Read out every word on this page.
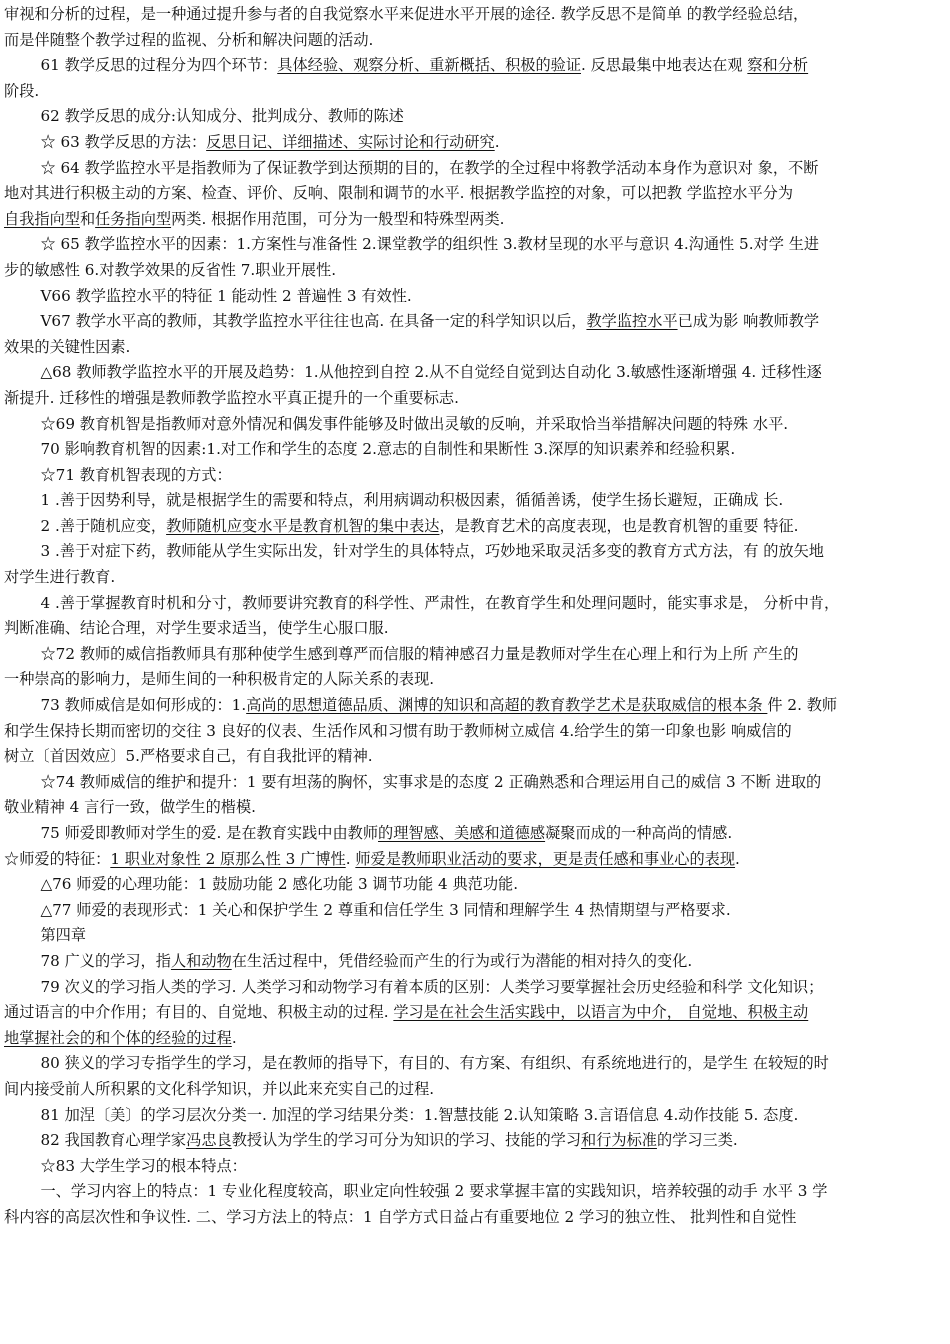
审视和分析的过程，是一种通过提升参与者的自我觉察水平来促进水平开展的途径. 教学反思不是简单 的教学经验总结，

而是伴随整个教学过程的监视、分析和解决问题的活动.

61 教学反思的过程分为四个环节：具体经验、观察分析、重新概括、积极的验证. 反思最集中地表达在观 察和分析

阶段.

62 教学反思的成分:认知成分、批判成分、教师的陈述

☆ 63 教学反思的方法：反思日记、详细描述、实际讨论和行动研究.

☆ 64 教学监控水平是指教师为了保证教学到达预期的目的，在教学的全过程中将教学活动本身作为意识对 象，不断

地对其进行积极主动的方案、检查、评价、反响、限制和调节的水平. 根据教学监控的对象，可以把教 学监控水平分为

自我指向型和任务指向型两类. 根据作用范围，可分为一般型和特殊型两类.

☆ 65 教学监控水平的因素：1.方案性与准备性 2.课堂教学的组织性 3.教材呈现的水平与意识 4.沟通性 5.对学 生进

步的敏感性 6.对教学效果的反省性 7.职业开展性.

V66 教学监控水平的特征 1 能动性 2 普遍性 3 有效性.

V67 教学水平高的教师，其教学监控水平往往也高. 在具备一定的科学知识以后，教学监控水平已成为影 响教师教学

效果的关键性因素.

△68 教师教学监控水平的开展及趋势：1.从他控到自控 2.从不自觉经自觉到达自动化 3.敏感性逐渐增强 4. 迁移性逐

渐提升. 迁移性的增强是教师教学监控水平真正提升的一个重要标志.

☆69 教育机智是指教师对意外情况和偶发事件能够及时做出灵敏的反响，并采取恰当举措解决问题的特殊 水平.

70 影响教育机智的因素:1.对工作和学生的态度 2.意志的自制性和果断性 3.深厚的知识素养和经验积累.

☆71 教育机智表现的方式：

1 .善于因势利导，就是根据学生的需要和特点，利用病调动积极因素，循循善诱，使学生扬长避短，正确成 长.

2 .善于随机应变，教师随机应变水平是教育机智的集中表达，是教育艺术的高度表现，也是教育机智的重要 特征.

3 .善于对症下药，教师能从学生实际出发，针对学生的具体特点，巧妙地采取灵活多变的教育方式方法，有 的放矢地

对学生进行教育.

4 .善于掌握教育时机和分寸，教师要讲究教育的科学性、严肃性，在教育学生和处理问题时，能实事求是， 分析中肯，

判断准确、结论合理，对学生要求适当，使学生心服口服.

☆72 教师的威信指教师具有那种使学生感到尊严而信服的精神感召力量是教师对学生在心理上和行为上所 产生的

一种崇高的影响力，是师生间的一种积极肯定的人际关系的表现.

73 教师威信是如何形成的：1.高尚的思想道德品质、渊博的知识和高超的教育教学艺术是获取威信的根本条 件 2. 教师

和学生保持长期而密切的交往 3 良好的仪表、生活作风和习惯有助于教师树立威信 4.给学生的第一印象也影 响威信的

树立〔首因效应〕5.严格要求自己，有自我批评的精神.

☆74 教师威信的维护和提升：1 要有坦荡的胸怀，实事求是的态度 2 正确熟悉和合理运用自己的威信 3 不断 进取的

敬业精神 4 言行一致，做学生的楷模.

75 师爱即教师对学生的爱. 是在教育实践中由教师的理智感、美感和道德感凝聚而成的一种高尚的情感.

☆师爱的特征：1 职业对象性 2 原那么性 3 广博性. 师爱是教师职业活动的要求，更是责任感和事业心的表现.

△76 师爱的心理功能：1 鼓励功能 2 感化功能 3 调节功能 4 典范功能.

△77 师爱的表现形式：1 关心和保护学生 2 尊重和信任学生 3 同情和理解学生 4 热情期望与严格要求.

第四章

78 广义的学习，指人和动物在生活过程中，凭借经验而产生的行为或行为潜能的相对持久的变化.

79 次义的学习指人类的学习. 人类学习和动物学习有着本质的区别：人类学习要掌握社会历史经验和科学 文化知识；

通过语言的中介作用；有目的、自觉地、积极主动的过程. 学习是在社会生活实践中，以语言为中介， 自觉地、积极主动

地掌握社会的和个体的经验的过程.

80 狭义的学习专指学生的学习，是在教师的指导下，有目的、有方案、有组织、有系统地进行的，是学生 在较短的时

间内接受前人所积累的文化科学知识，并以此来充实自己的过程.

81 加涅〔美〕的学习层次分类一. 加涅的学习结果分类：1.智慧技能 2.认知策略 3.言语信息 4.动作技能 5. 态度.

82 我国教育心理学家冯忠良教授认为学生的学习可分为知识的学习、技能的学习和行为标准的学习三类.

☆83 大学生学习的根本特点：

一、学习内容上的特点：1 专业化程度较高，职业定向性较强 2 要求掌握丰富的实践知识，培养较强的动手 水平 3 学

科内容的高层次性和争议性. 二、学习方法上的特点：1 自学方式日益占有重要地位 2 学习的独立性、 批判性和自觉性
